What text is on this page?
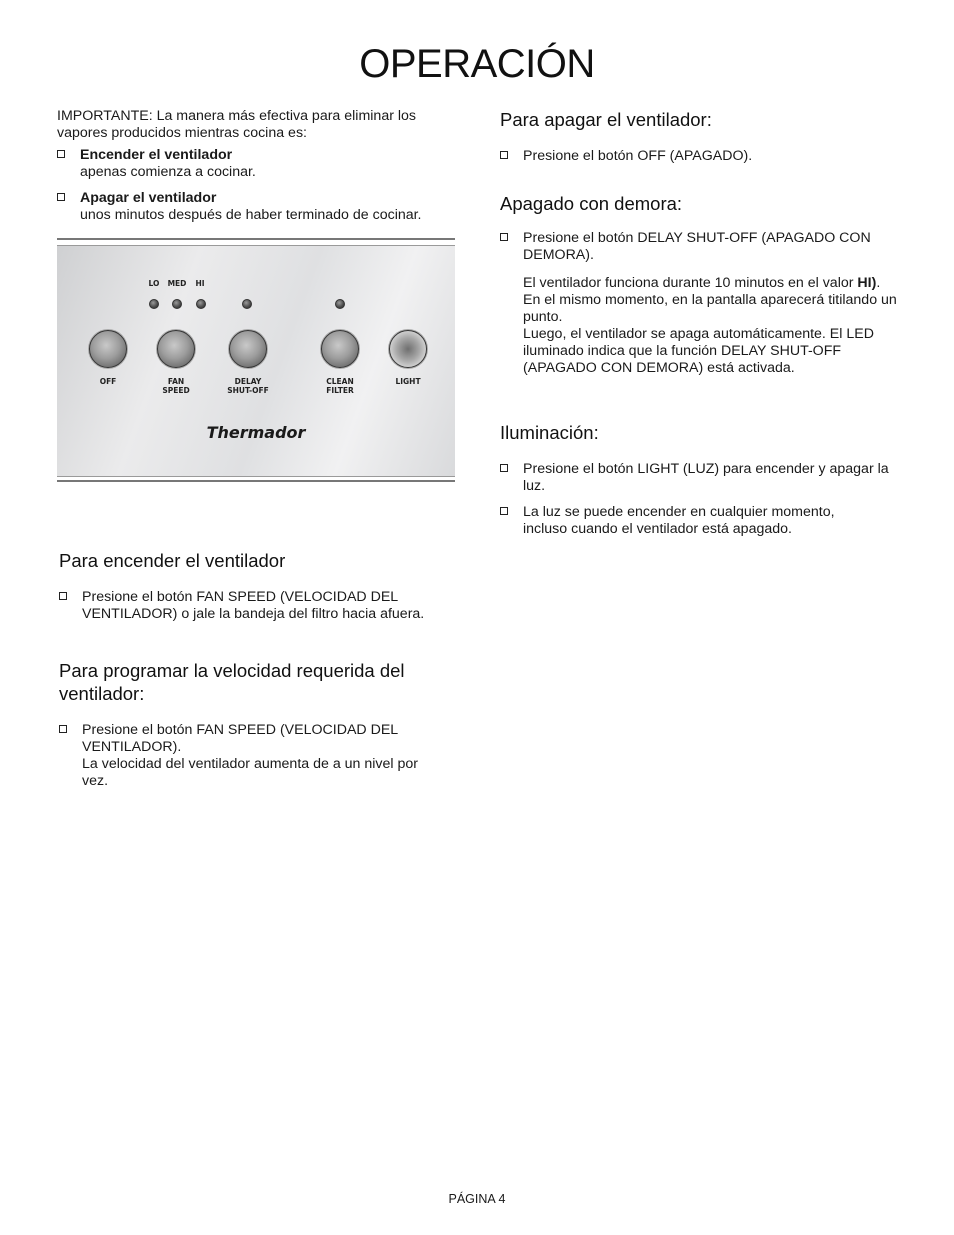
OPERACIÓN
IMPORTANTE: La manera más efectiva para eliminar los vapores producidos mientras cocina es:
Encender el ventilador
apenas comienza a cocinar.
Apagar el ventilador
unos minutos después de haber terminado de cocinar.
LO	MED	HI
OFF	FAN
SPEED
DELAY
SHUT-OFF
CLEAN
FILTER
LIGHT
Thermador
Para encender el ventilador
Presione el botón FAN SPEED (VELOCIDAD DEL VENTILADOR) o jale la bandeja del filtro hacia afuera.
Para programar la velocidad requerida del ventilador:
Presione el botón FAN SPEED (VELOCIDAD DEL VENTILADOR).
La velocidad del ventilador aumenta de a un nivel por vez.
Para apagar el ventilador:
Presione el botón OFF (APAGADO).
Apagado con demora:
Presione el botón DELAY SHUT-OFF (APAGADO CON DEMORA).
El ventilador funciona durante 10 minutos en el valor HI).
En el mismo momento, en la pantalla aparecerá titilando un punto.
Luego, el ventilador se apaga automáticamente. El LED iluminado indica que la función DELAY SHUT-OFF (APAGADO CON DEMORA) está activada.
Iluminación:
Presione el botón LIGHT (LUZ) para encender y apagar la luz.
La luz se puede encender en cualquier momento, incluso cuando el ventilador está apagado.
PÁGINA 4
